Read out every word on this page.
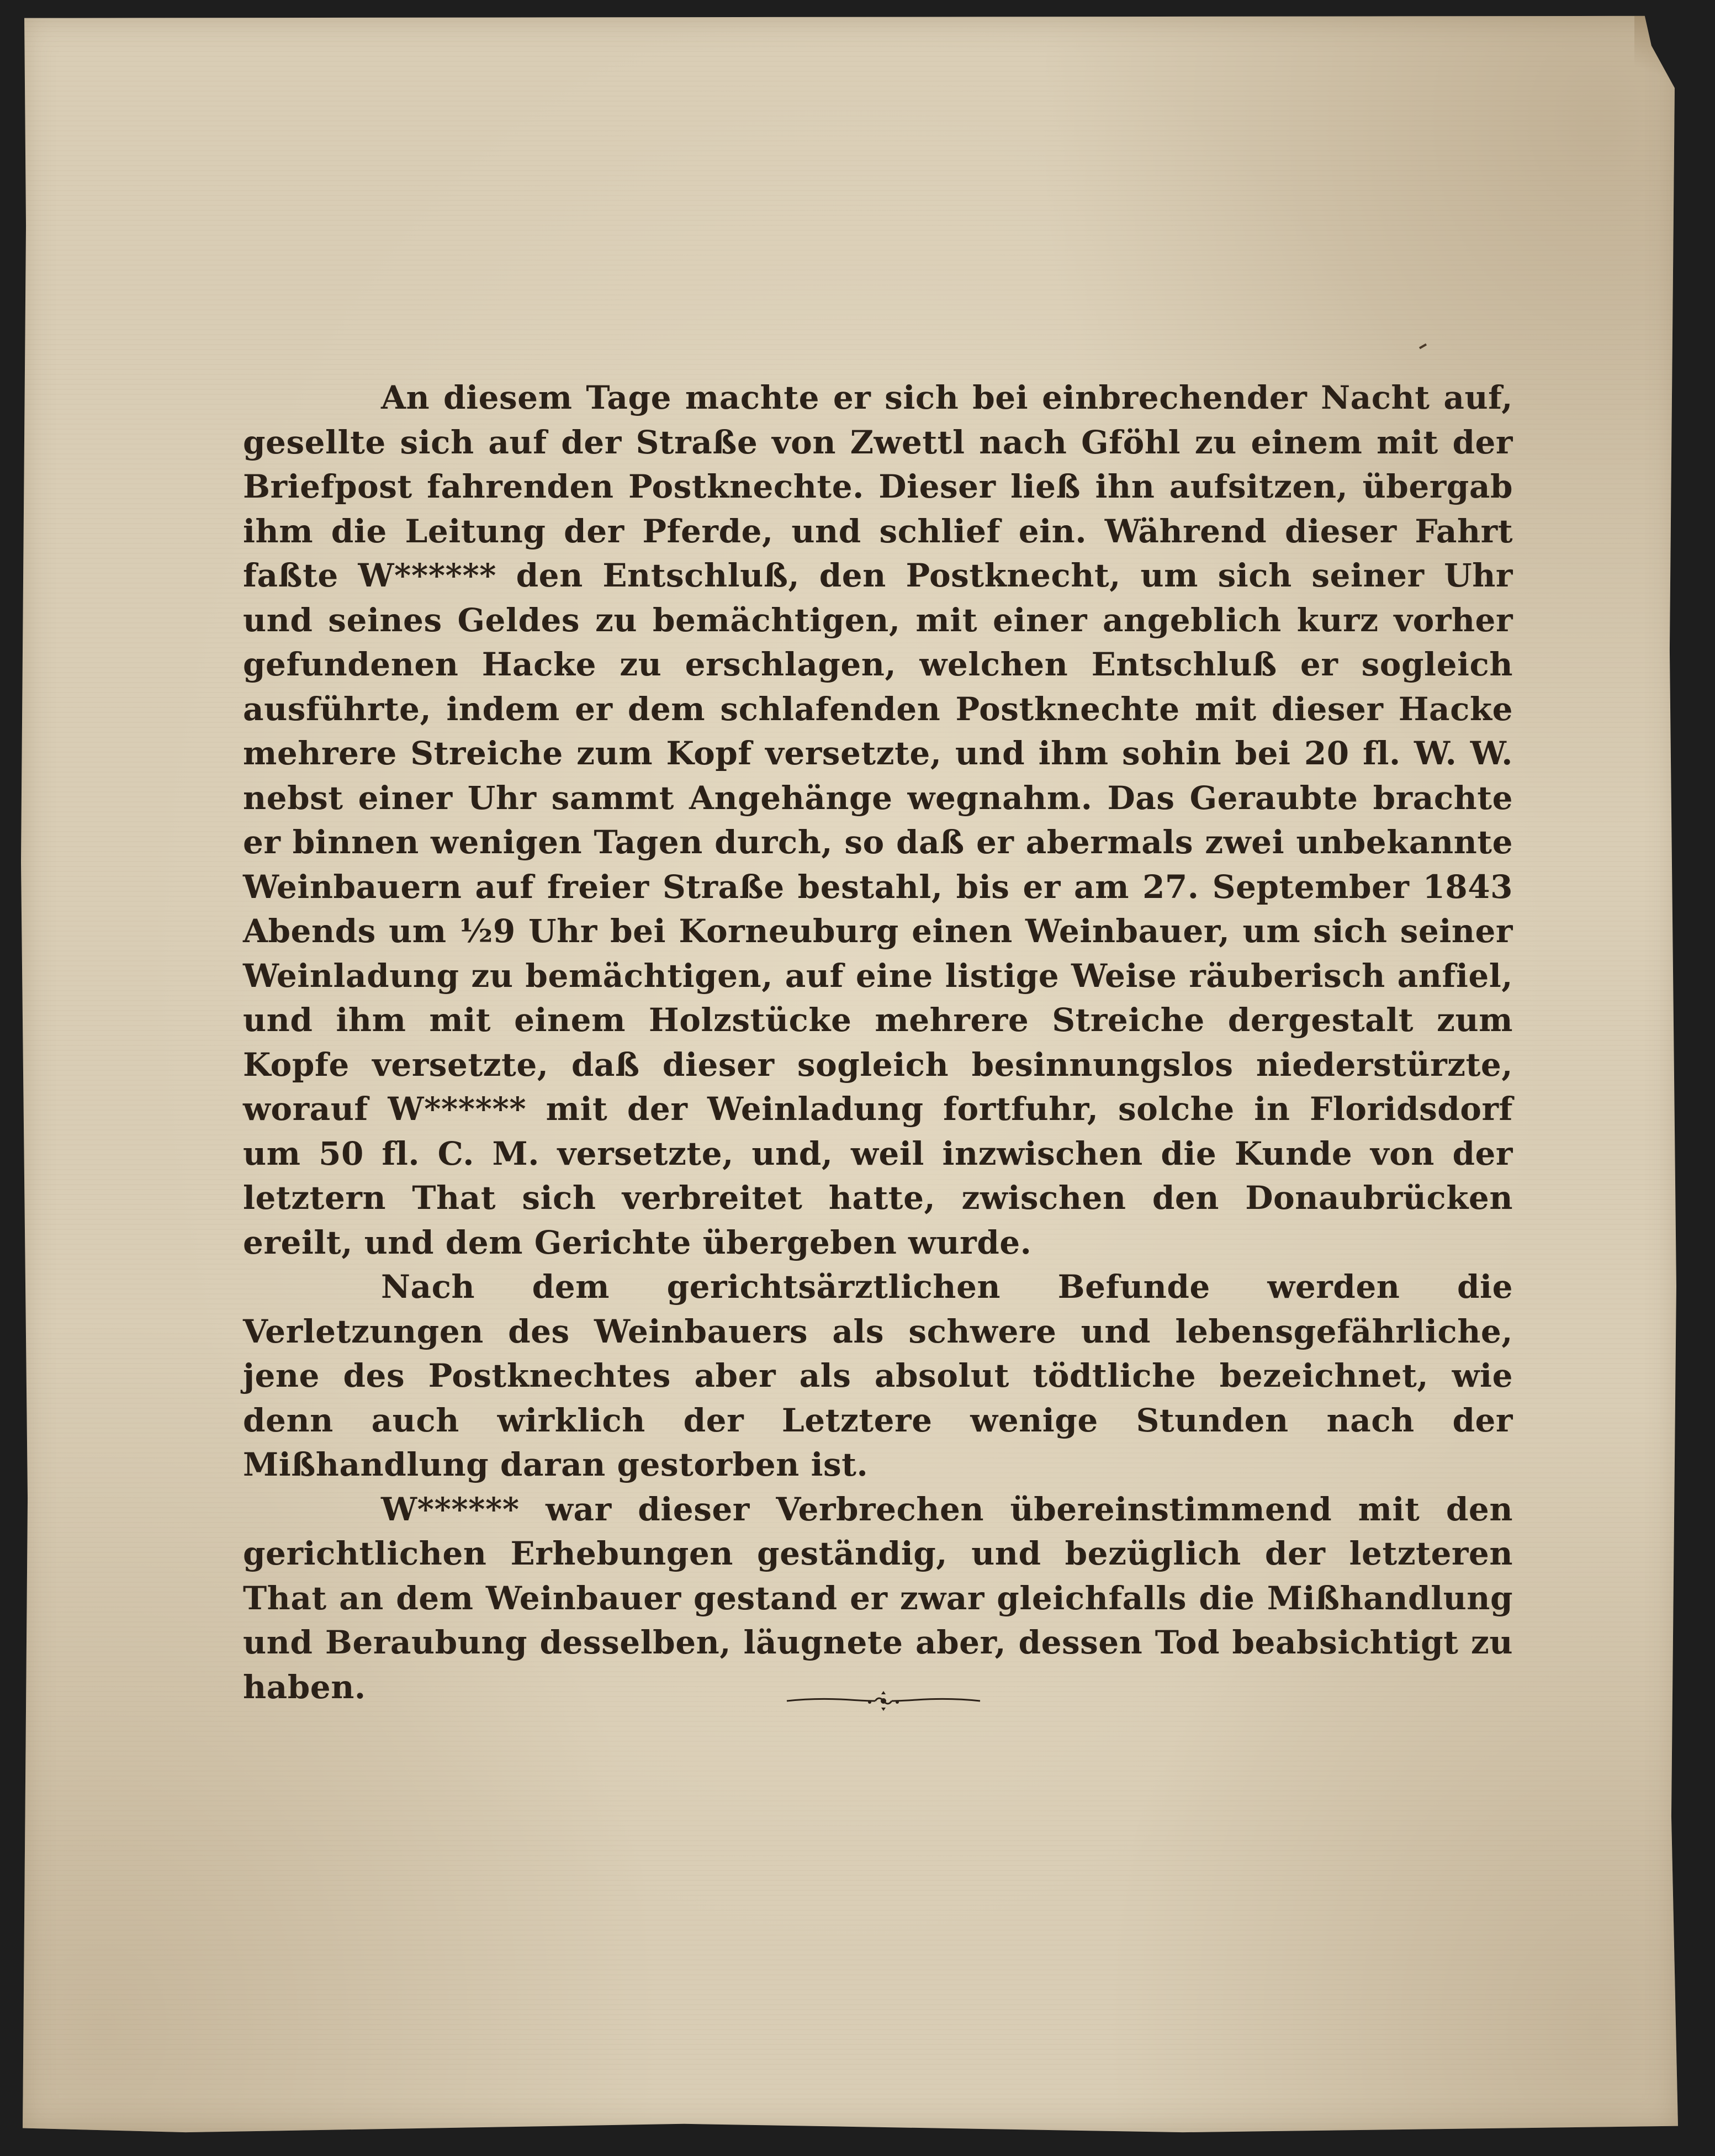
An diesem Tage machte er sich bei einbrechender Nacht auf, gesellte sich auf der Straße von Zwettl nach Gföhl zu einem mit der Briefpost fahrenden Postknechte. Dieser ließ ihn aufsitzen, übergab ihm die Leitung der Pferde, und schlief ein. Während dieser Fahrt faßte W****** den Entschluß, den Postknecht, um sich seiner Uhr und seines Geldes zu bemächtigen, mit einer angeblich kurz vorher gefundenen Hacke zu erschlagen, welchen Entschluß er sogleich ausführte, indem er dem schlafenden Postknechte mit dieser Hacke mehrere Streiche zum Kopf versetzte, und ihm sohin bei 20 fl. W. W. nebst einer Uhr sammt Angehänge wegnahm. Das Geraubte brachte er binnen wenigen Tagen durch, so daß er abermals zwei unbekannte Weinbauern auf freier Straße bestahl, bis er am 27. September 1843 Abends um ½9 Uhr bei Korneuburg einen Weinbauer, um sich seiner Weinladung zu bemächtigen, auf eine listige Weise räuberisch anfiel, und ihm mit einem Holzstücke mehrere Streiche dergestalt zum Kopfe versetzte, daß dieser sogleich besinnungslos niederstürzte, worauf W****** mit der Weinladung fortfuhr, solche in Floridsdorf um 50 fl. C. M. versetzte, und, weil inzwischen die Kunde von der letztern That sich verbreitet hatte, zwischen den Donaubrücken ereilt, und dem Gerichte übergeben wurde.

Nach dem gerichtsärztlichen Befunde werden die Verletzungen des Weinbauers als schwere und lebensgefährliche, jene des Postknechtes aber als absolut tödtliche bezeichnet, wie denn auch wirklich der Letztere wenige Stunden nach der Mißhandlung daran gestorben ist.

W****** war dieser Verbrechen übereinstimmend mit den gerichtlichen Erhebungen geständig, und bezüglich der letzteren That an dem Weinbauer gestand er zwar gleichfalls die Mißhandlung und Beraubung desselben, läugnete aber, dessen Tod beabsichtigt zu haben.
